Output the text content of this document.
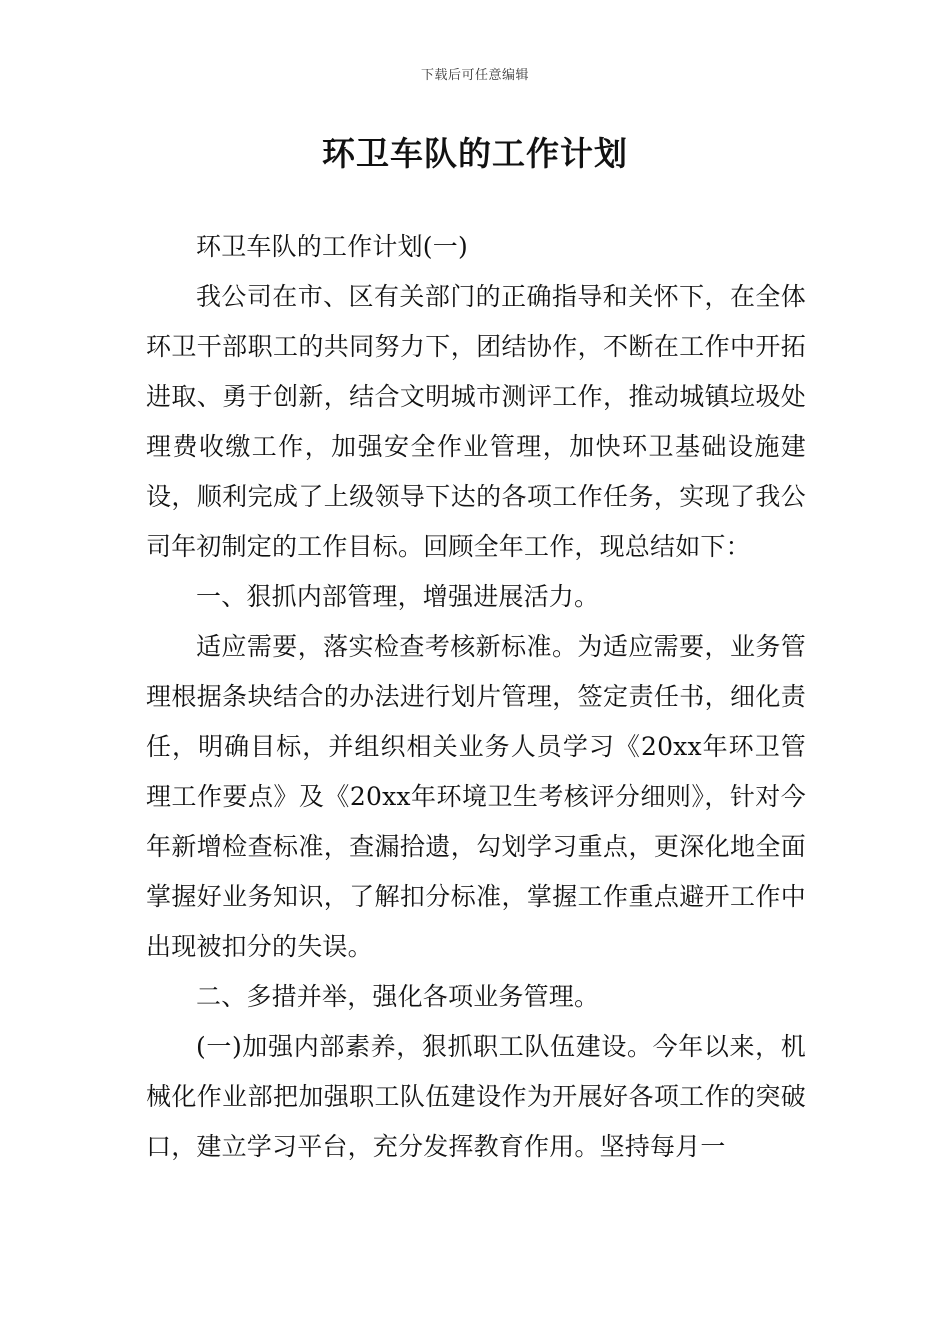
下载后可任意编辑
环卫车队的工作计划

环卫车队的工作计划(一)

我公司在市、区有关部门的正确指导和关怀下，在全体环卫干部职工的共同努力下，团结协作，不断在工作中开拓进取、勇于创新，结合文明城市测评工作，推动城镇垃圾处理费收缴工作，加强安全作业管理，加快环卫基础设施建设，顺利完成了上级领导下达的各项工作任务，实现了我公司年初制定的工作目标。回顾全年工作，现总结如下：

一、狠抓内部管理，增强进展活力。

适应需要，落实检查考核新标准。为适应需要，业务管理根据条块结合的办法进行划片管理，签定责任书，细化责任，明确目标，并组织相关业务人员学习《20xx年环卫管理工作要点》及《20xx年环境卫生考核评分细则》，针对今年新增检查标准，查漏拾遗，勾划学习重点，更深化地全面掌握好业务知识，了解扣分标准，掌握工作重点避开工作中出现被扣分的失误。

二、多措并举，强化各项业务管理。

(一)加强内部素养，狠抓职工队伍建设。今年以来，机械化作业部把加强职工队伍建设作为开展好各项工作的突破口，建立学习平台，充分发挥教育作用。坚持每月一
